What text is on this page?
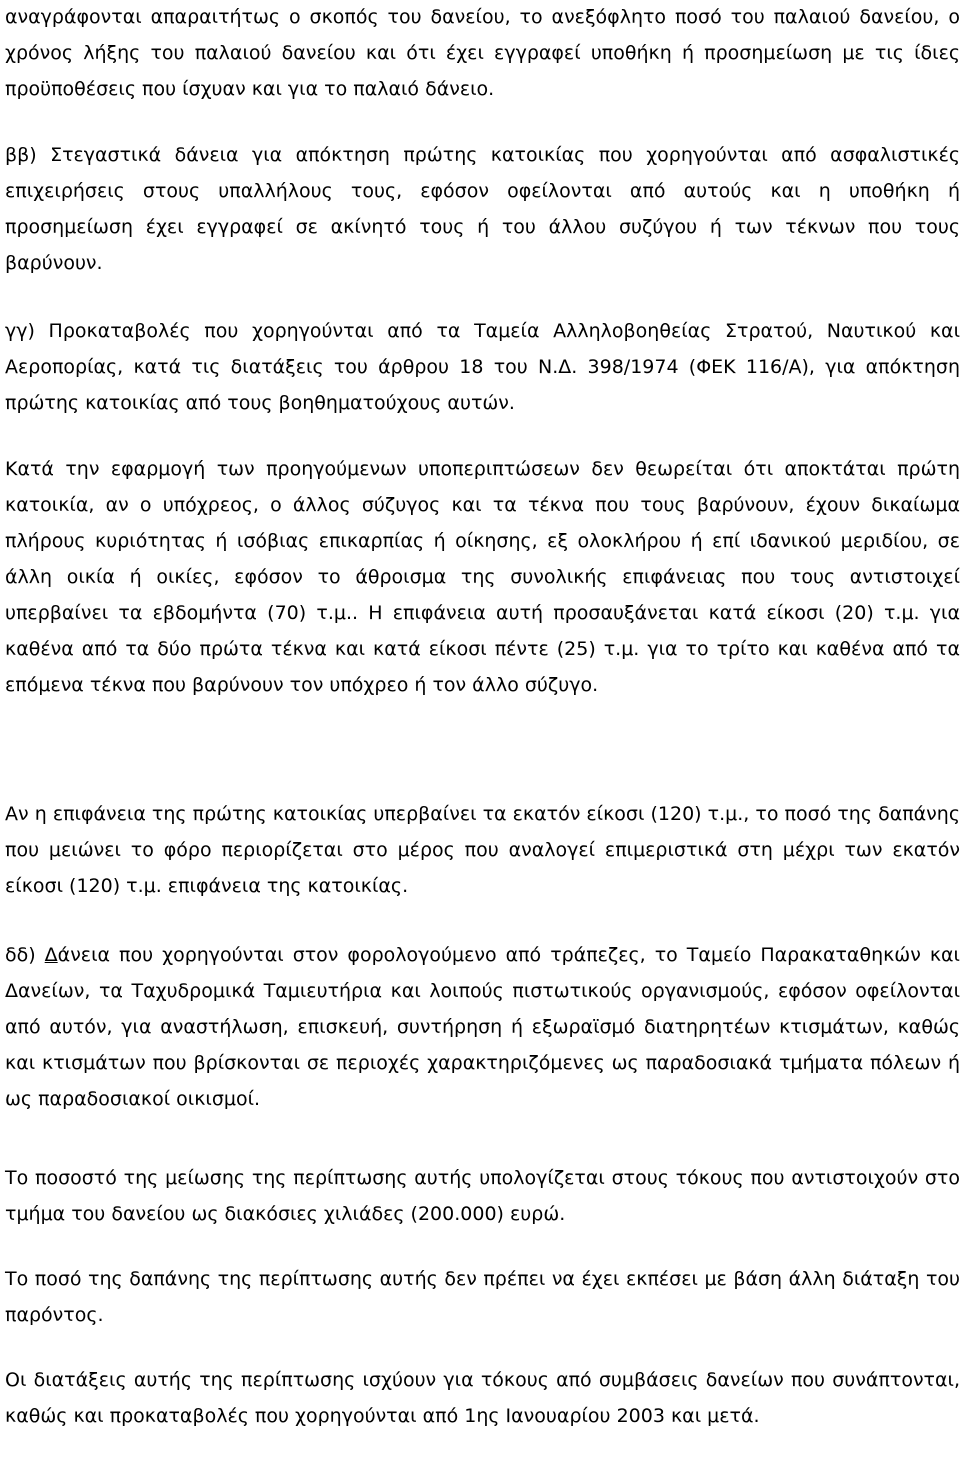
αναγράφονται απαραιτήτως ο σκοπός του δανείου, το ανεξόφλητο ποσό του παλαιού δανείου, ο χρόνος λήξης του παλαιού δανείου και ότι έχει εγγραφεί υποθήκη ή προσημείωση με τις ίδιες προϋποθέσεις που ίσχυαν και για το παλαιό δάνειο.

ββ) Στεγαστικά δάνεια για απόκτηση πρώτης κατοικίας που χορηγούνται από ασφαλιστικές επιχειρήσεις στους υπαλλήλους τους, εφόσον οφείλονται από αυτούς και η υποθήκη ή προσημείωση έχει εγγραφεί σε ακίνητό τους ή του άλλου συζύγου ή των τέκνων που τους βαρύνουν.

γγ) Προκαταβολές που χορηγούνται από τα Ταμεία Αλληλοβοηθείας Στρατού, Ναυτικού και Αεροπορίας, κατά τις διατάξεις του άρθρου 18 του Ν.Δ. 398/1974 (ΦΕΚ 116/Α), για απόκτηση πρώτης κατοικίας από τους βοηθηματούχους αυτών.

Κατά την εφαρμογή των προηγούμενων υποπεριπτώσεων δεν θεωρείται ότι αποκτάται πρώτη κατοικία, αν ο υπόχρεος, ο άλλος σύζυγος και τα τέκνα που τους βαρύνουν, έχουν δικαίωμα πλήρους κυριότητας ή ισόβιας επικαρπίας ή οίκησης, εξ ολοκλήρου ή επί ιδανικού μεριδίου, σε άλλη οικία ή οικίες, εφόσον το άθροισμα της συνολικής επιφάνειας που τους αντιστοιχεί υπερβαίνει τα εβδομήντα (70) τ.μ.. Η επιφάνεια αυτή προσαυξάνεται κατά είκοσι (20) τ.μ. για καθένα από τα δύο πρώτα τέκνα και κατά είκοσι πέντε (25) τ.μ. για το τρίτο και καθένα από τα επόμενα τέκνα που βαρύνουν τον υπόχρεο ή τον άλλο σύζυγο.

Αν η επιφάνεια της πρώτης κατοικίας υπερβαίνει τα εκατόν είκοσι (120) τ.μ., το ποσό της δαπάνης που μειώνει το φόρο περιορίζεται στο μέρος που αναλογεί επιμεριστικά στη μέχρι των εκατόν είκοσι (120) τ.μ. επιφάνεια της κατοικίας.

δδ) Δάνεια που χορηγούνται στον φορολογούμενο από τράπεζες, το Ταμείο Παρακαταθηκών και Δανείων, τα Ταχυδρομικά Ταμιευτήρια και λοιπούς πιστωτικούς οργανισμούς, εφόσον οφείλονται από αυτόν, για αναστήλωση, επισκευή, συντήρηση ή εξωραϊσμό διατηρητέων κτισμάτων, καθώς και κτισμάτων που βρίσκονται σε περιοχές χαρακτηριζόμενες ως παραδοσιακά τμήματα πόλεων ή ως παραδοσιακοί οικισμοί.

Το ποσοστό της μείωσης της περίπτωσης αυτής υπολογίζεται στους τόκους που αντιστοιχούν στο τμήμα του δανείου ως διακόσιες χιλιάδες (200.000) ευρώ.

Το ποσό της δαπάνης της περίπτωσης αυτής δεν πρέπει να έχει εκπέσει με βάση άλλη διάταξη του παρόντος.

Οι διατάξεις αυτής της περίπτωσης ισχύουν για τόκους από συμβάσεις δανείων που συνάπτονται, καθώς και προκαταβολές που χορηγούνται από 1ης Ιανουαρίου 2003 και μετά.
